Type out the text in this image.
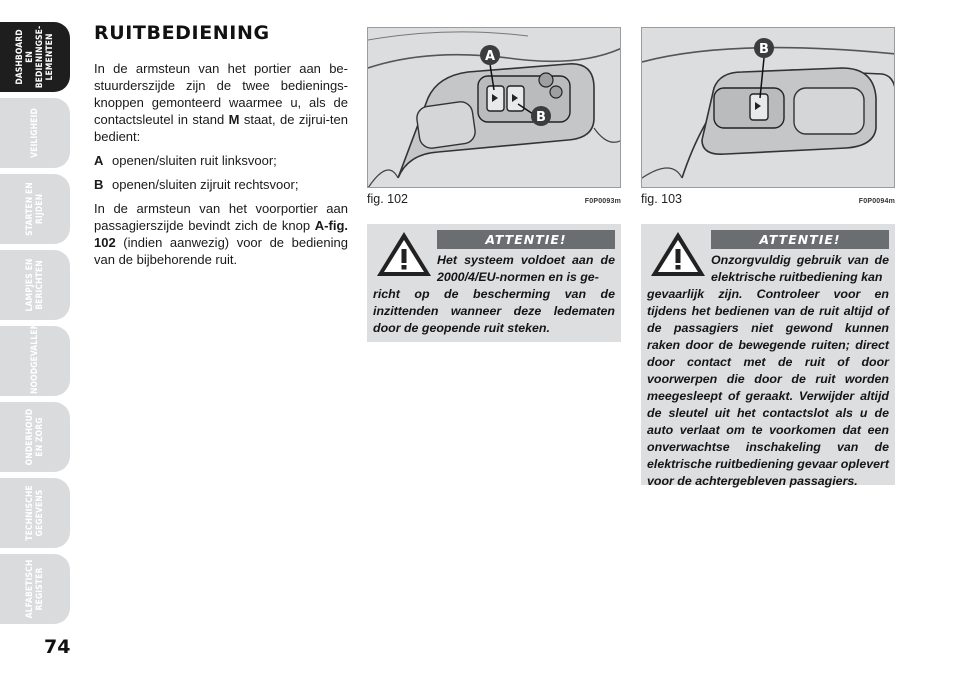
DASHBOARD EN
BEDIENINGSE-
LEMENTEN
VEILIGHEID
STARTEN EN
RIJDEN
LAMPJES EN
BERICHTEN
NOODGEVALLEN
ONDERHOUD
EN ZORG
TECHNISCHE
GEGEVENS
ALFABETISCH
REGISTER
74
RUITBEDIENING

In de armsteun van het portier aan be-stuurderszijde zijn de twee bedienings-knoppen gemonteerd waarmee u, als de contactsleutel in stand M staat, de zijrui-ten bedient:

A openen/sluiten ruit linksvoor;
B openen/sluiten zijruit rechtsvoor;

In de armsteun van het voorportier aan passagierszijde bevindt zich de knop A-fig. 102 (indien aanwezig) voor de bediening van de bijbehorende ruit.

A
B
fig. 102	F0P0093m
B
fig. 103	F0P0094m
ATTENTIE!
Het systeem voldoet aan de 2000/4/EU-normen en is ge-
richt op de bescherming van de inzittenden wanneer deze ledematen door de geopende ruit steken.
ATTENTIE!
Onzorgvuldig gebruik van de elektrische ruitbediening kan
gevaarlijk zijn. Controleer voor en tijdens het bedienen van de ruit altijd of de passagiers niet gewond kunnen raken door de bewegende ruiten; direct door contact met de ruit of door voorwerpen die door de ruit worden meegesleept of geraakt. Verwijder altijd de sleutel uit het contactslot als u de auto verlaat om te voorkomen dat een onverwachtse inschakeling van de elektrische ruitbediening gevaar oplevert voor de achtergebleven passagiers.
